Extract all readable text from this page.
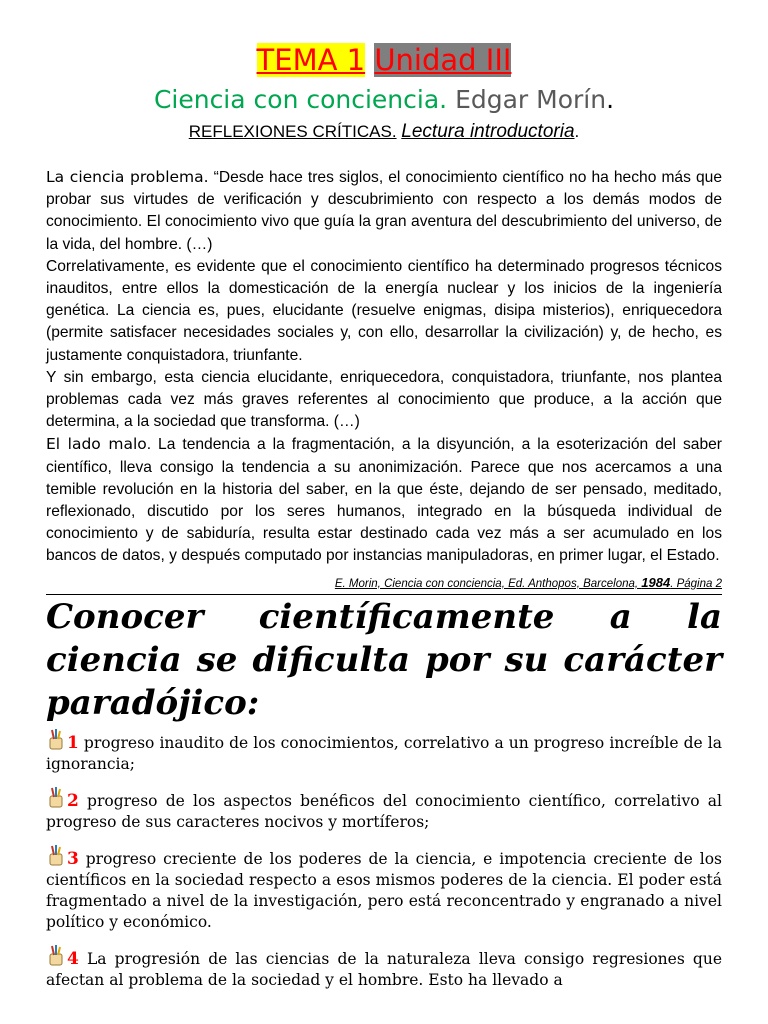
TEMA 1 Unidad III
Ciencia con conciencia. Edgar Morín.
REFLEXIONES CRÍTICAS. Lectura introductoria.

La ciencia problema. “Desde hace tres siglos, el conocimiento científico no ha hecho más que probar sus virtudes de verificación y descubrimiento con respecto a los demás modos de conocimiento. El conocimiento vivo que guía la gran aventura del descubrimiento del universo, de la vida, del hombre. (…)

Correlativamente, es evidente que el conocimiento científico ha determinado progresos técnicos inauditos, entre ellos la domesticación de la energía nuclear y los inicios de la ingeniería genética. La ciencia es, pues, elucidante (resuelve enigmas, disipa misterios), enriquecedora (permite satisfacer necesidades sociales y, con ello, desarrollar la civilización) y, de hecho, es justamente conquistadora, triunfante.

Y sin embargo, esta ciencia elucidante, enriquecedora, conquistadora, triunfante, nos plantea problemas cada vez más graves referentes al conocimiento que produce, a la acción que determina, a la sociedad que transforma. (…)

El lado malo. La tendencia a la fragmentación, a la disyunción, a la esoterización del saber científico, lleva consigo la tendencia a su anonimización. Parece que nos acercamos a una temible revolución en la historia del saber, en la que éste, dejando de ser pensado, meditado, reflexionado, discutido por los seres humanos, integrado en la búsqueda individual de conocimiento y de sabiduría, resulta estar destinado cada vez más a ser acumulado en los bancos de datos, y después computado por instancias manipuladoras, en primer lugar, el Estado.
E. Morin, Ciencia con conciencia, Ed. Anthopos, Barcelona, 1984. Página 2

Conocer científicamente a la ciencia se dificulta por su carácter paradójico:
1 progreso inaudito de los conocimientos, correlativo a un progreso increíble de la ignorancia;
2 progreso de los aspectos benéficos del conocimiento científico, correlativo al progreso de sus caracteres nocivos y mortíferos;
3 progreso creciente de los poderes de la ciencia, e impotencia creciente de los científicos en la sociedad respecto a esos mismos poderes de la ciencia. El poder está fragmentado a nivel de la investigación, pero está reconcentrado y engranado a nivel político y económico.
4 La progresión de las ciencias de la naturaleza lleva consigo regresiones que afectan al problema de la sociedad y el hombre. Esto ha llevado a
